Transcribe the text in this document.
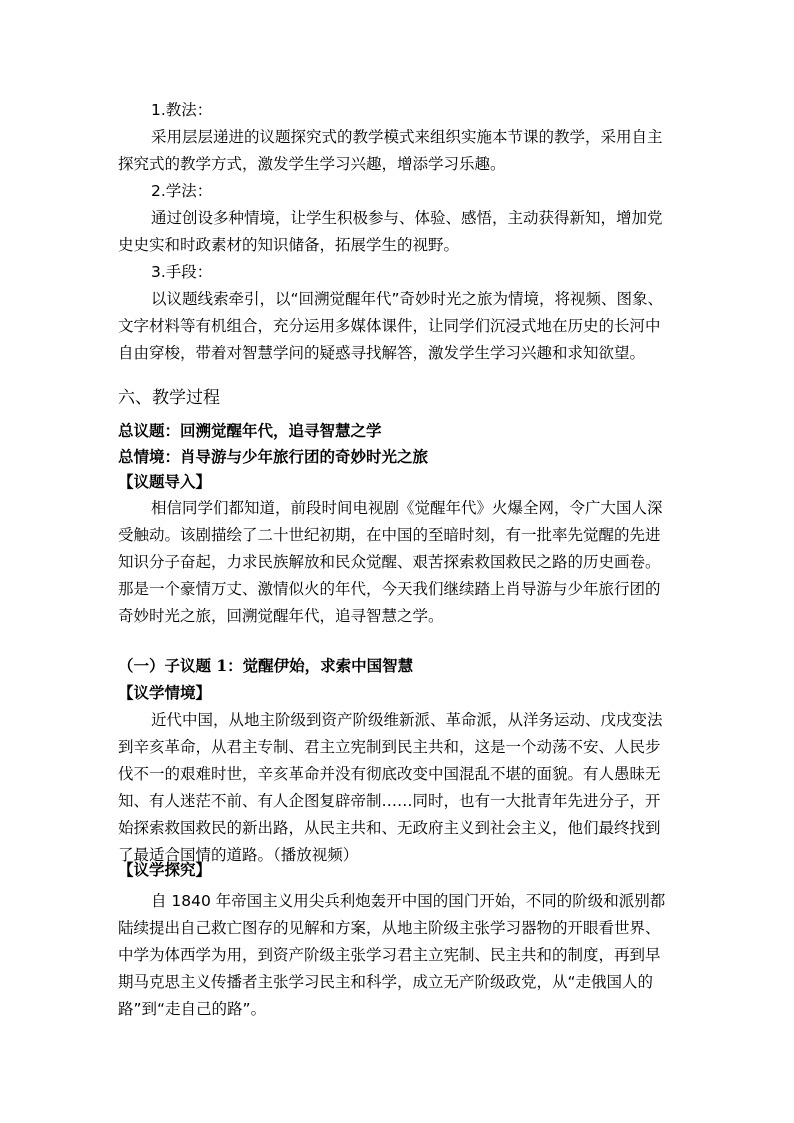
1.教法：
采用层层递进的议题探究式的教学模式来组织实施本节课的教学，采用自主
探究式的教学方式，激发学生学习兴趣，增添学习乐趣。
2.学法：
通过创设多种情境，让学生积极参与、体验、感悟，主动获得新知，增加党
史史实和时政素材的知识储备，拓展学生的视野。
3.手段：
以议题线索牵引，以“回溯觉醒年代”奇妙时光之旅为情境，将视频、图象、
文字材料等有机组合，充分运用多媒体课件，让同学们沉浸式地在历史的长河中
自由穿梭，带着对智慧学问的疑惑寻找解答，激发学生学习兴趣和求知欲望。
六、教学过程
总议题：回溯觉醒年代，追寻智慧之学
总情境：肖导游与少年旅行团的奇妙时光之旅
【议题导入】
相信同学们都知道，前段时间电视剧《觉醒年代》火爆全网，令广大国人深
受触动。该剧描绘了二十世纪初期，在中国的至暗时刻，有一批率先觉醒的先进
知识分子奋起，力求民族解放和民众觉醒、艰苦探索救国救民之路的历史画卷。
那是一个豪情万丈、激情似火的年代，今天我们继续踏上肖导游与少年旅行团的
奇妙时光之旅，回溯觉醒年代，追寻智慧之学。
（一）子议题 1：觉醒伊始，求索中国智慧
【议学情境】
近代中国，从地主阶级到资产阶级维新派、革命派，从洋务运动、戊戌变法
到辛亥革命，从君主专制、君主立宪制到民主共和，这是一个动荡不安、人民步
伐不一的艰难时世，辛亥革命并没有彻底改变中国混乱不堪的面貌。有人愚昧无
知、有人迷茫不前、有人企图复辟帝制……同时，也有一大批青年先进分子，开
始探索救国救民的新出路，从民主共和、无政府主义到社会主义，他们最终找到
了最适合国情的道路。（播放视频）
【议学探究】
自 1840 年帝国主义用尖兵利炮轰开中国的国门开始，不同的阶级和派别都
陆续提出自己救亡图存的见解和方案，从地主阶级主张学习器物的开眼看世界、
中学为体西学为用，到资产阶级主张学习君主立宪制、民主共和的制度，再到早
期马克思主义传播者主张学习民主和科学，成立无产阶级政党，从“走俄国人的
路”到“走自己的路”。
